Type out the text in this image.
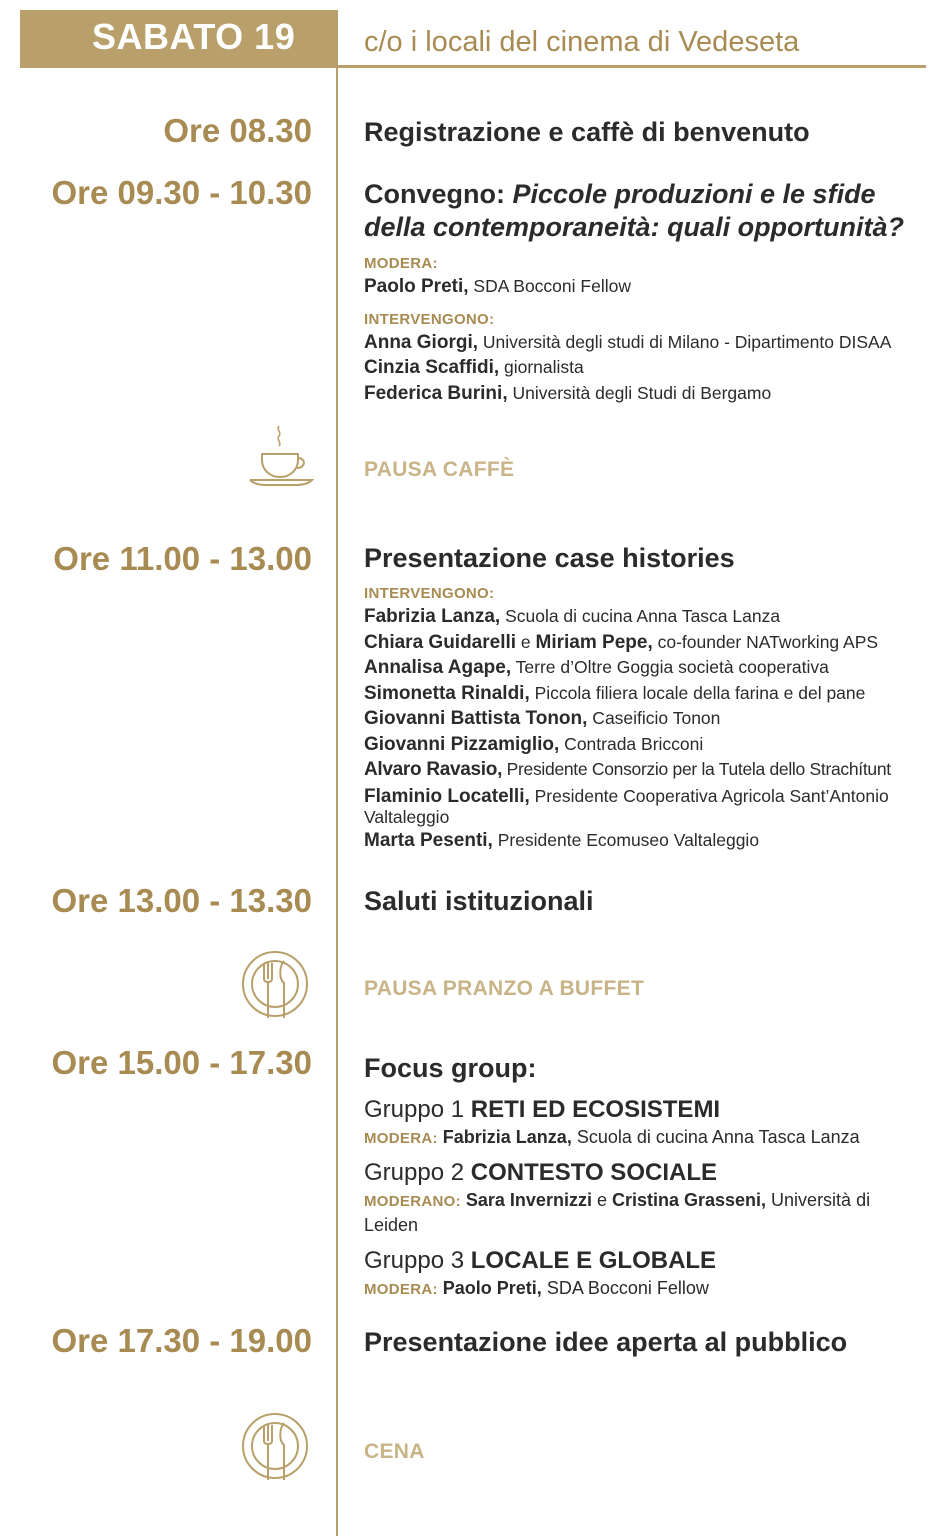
SABATO 19 c/o i locali del cinema di Vedeseta
Ore 08.30 Registrazione e caffè di benvenuto
Ore 09.30 - 10.30 Convegno: Piccole produzioni e le sfide
della contemporaneità: quali opportunità?
MODERA:
Paolo Preti, SDA Bocconi Fellow
INTERVENGONO:
Anna Giorgi, Università degli studi di Milano - Dipartimento DISAA
Cinzia Scaffidi, giornalista
Federica Burini, Università degli Studi di Bergamo
PAUSA CAFFÈ
Ore 11.00 - 13.00 Presentazione case histories
INTERVENGONO:
Fabrizia Lanza, Scuola di cucina Anna Tasca Lanza
Chiara Guidarelli e Miriam Pepe, co-founder NATworking APS
Annalisa Agape, Terre d’Oltre Goggia società cooperativa
Simonetta Rinaldi, Piccola filiera locale della farina e del pane
Giovanni Battista Tonon, Caseificio Tonon
Giovanni Pizzamiglio, Contrada Bricconi
Alvaro Ravasio, Presidente Consorzio per la Tutela dello Strachítunt
Flaminio Locatelli, Presidente Cooperativa Agricola Sant’Antonio Valtaleggio
Marta Pesenti, Presidente Ecomuseo Valtaleggio
Ore 13.00 - 13.30 Saluti istituzionali
PAUSA PRANZO A BUFFET
Ore 15.00 - 17.30 Focus group:
Gruppo 1 RETI ED ECOSISTEMI
MODERA: Fabrizia Lanza, Scuola di cucina Anna Tasca Lanza
Gruppo 2 CONTESTO SOCIALE
MODERANO: Sara Invernizzi e Cristina Grasseni, Università di Leiden
Gruppo 3 LOCALE E GLOBALE
MODERA: Paolo Preti, SDA Bocconi Fellow
Ore 17.30 - 19.00 Presentazione idee aperta al pubblico
CENA
